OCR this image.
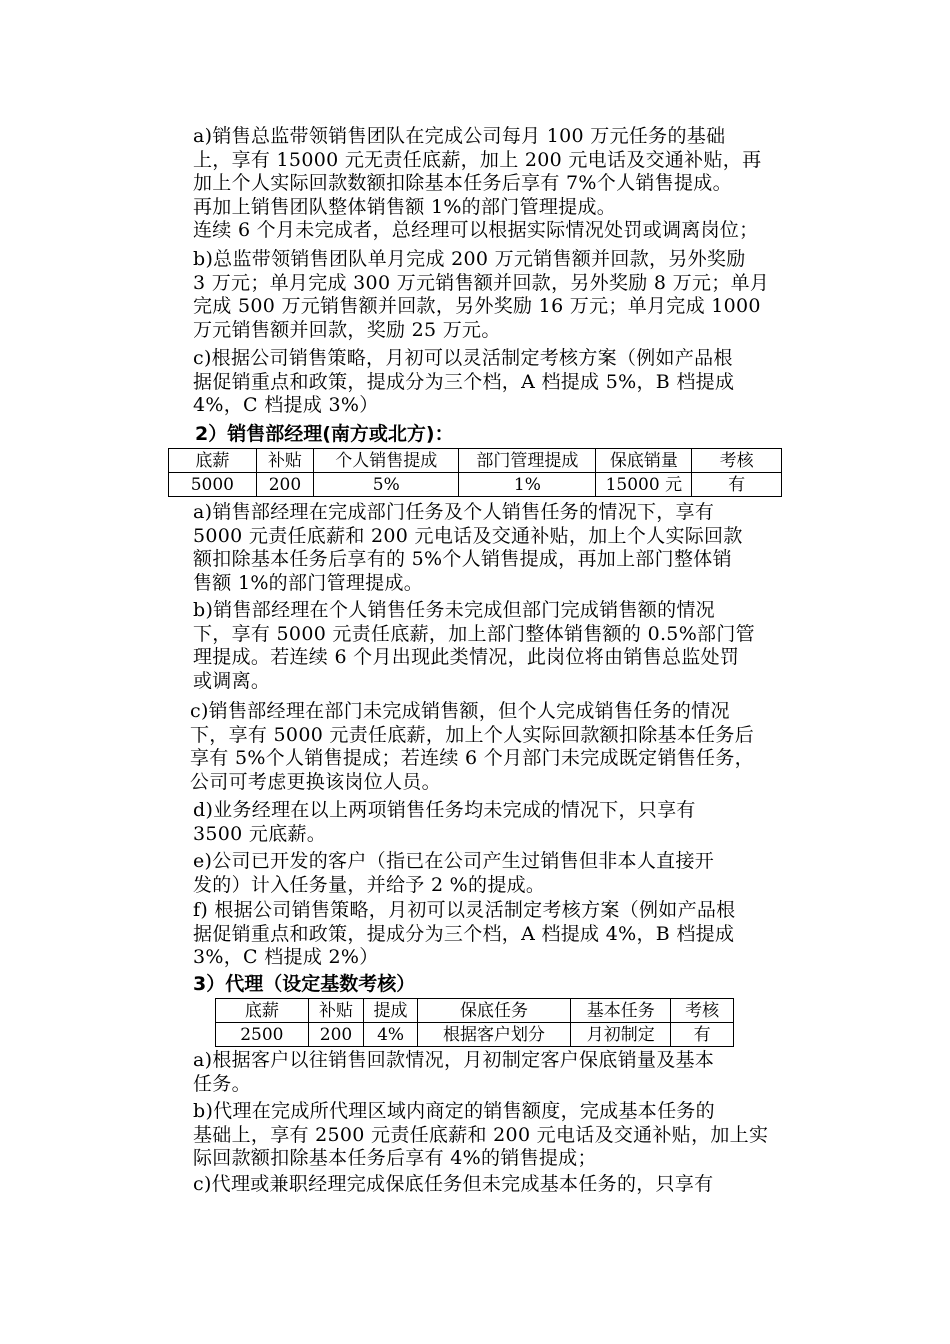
a)销售总监带领销售团队在完成公司每月 100 万元任务的基础
上，享有 15000 元无责任底薪，加上 200 元电话及交通补贴，再
加上个人实际回款数额扣除基本任务后享有 7%个人销售提成。
再加上销售团队整体销售额 1%的部门管理提成。
连续 6 个月未完成者，总经理可以根据实际情况处罚或调离岗位；
b)总监带领销售团队单月完成 200 万元销售额并回款，另外奖励
3 万元；单月完成 300 万元销售额并回款，另外奖励 8 万元；单月
完成 500 万元销售额并回款，另外奖励 16 万元；单月完成 1000
万元销售额并回款，奖励 25 万元。
c)根据公司销售策略，月初可以灵活制定考核方案（例如产品根
据促销重点和政策，提成分为三个档，A 档提成 5%，B 档提成
4%，C 档提成 3%）
2）销售部经理(南方或北方)：
底薪	补贴	个人销售提成	部门管理提成	保底销量	考核
5000	200	5%	1%	15000 元	有
a)销售部经理在完成部门任务及个人销售任务的情况下，享有
5000 元责任底薪和 200 元电话及交通补贴，加上个人实际回款
额扣除基本任务后享有的 5%个人销售提成，再加上部门整体销
售额 1%的部门管理提成。
b)销售部经理在个人销售任务未完成但部门完成销售额的情况
下，享有 5000 元责任底薪，加上部门整体销售额的 0.5%部门管
理提成。若连续 6 个月出现此类情况，此岗位将由销售总监处罚
或调离。
c)销售部经理在部门未完成销售额，但个人完成销售任务的情况
下，享有 5000 元责任底薪，加上个人实际回款额扣除基本任务后
享有 5%个人销售提成；若连续 6 个月部门未完成既定销售任务，
公司可考虑更换该岗位人员。
d)业务经理在以上两项销售任务均未完成的情况下，只享有
3500 元底薪。
e)公司已开发的客户（指已在公司产生过销售但非本人直接开
发的）计入任务量，并给予 2 %的提成。
f) 根据公司销售策略，月初可以灵活制定考核方案（例如产品根
据促销重点和政策，提成分为三个档，A 档提成 4%，B 档提成
3%，C 档提成 2%）
3）代理（设定基数考核）
底薪	补贴	提成	保底任务	基本任务	考核
2500	200	4%	根据客户划分	月初制定	有
a)根据客户以往销售回款情况，月初制定客户保底销量及基本
任务。
b)代理在完成所代理区域内商定的销售额度，完成基本任务的
基础上，享有 2500 元责任底薪和 200 元电话及交通补贴，加上实
际回款额扣除基本任务后享有 4%的销售提成；
c)代理或兼职经理完成保底任务但未完成基本任务的，只享有
